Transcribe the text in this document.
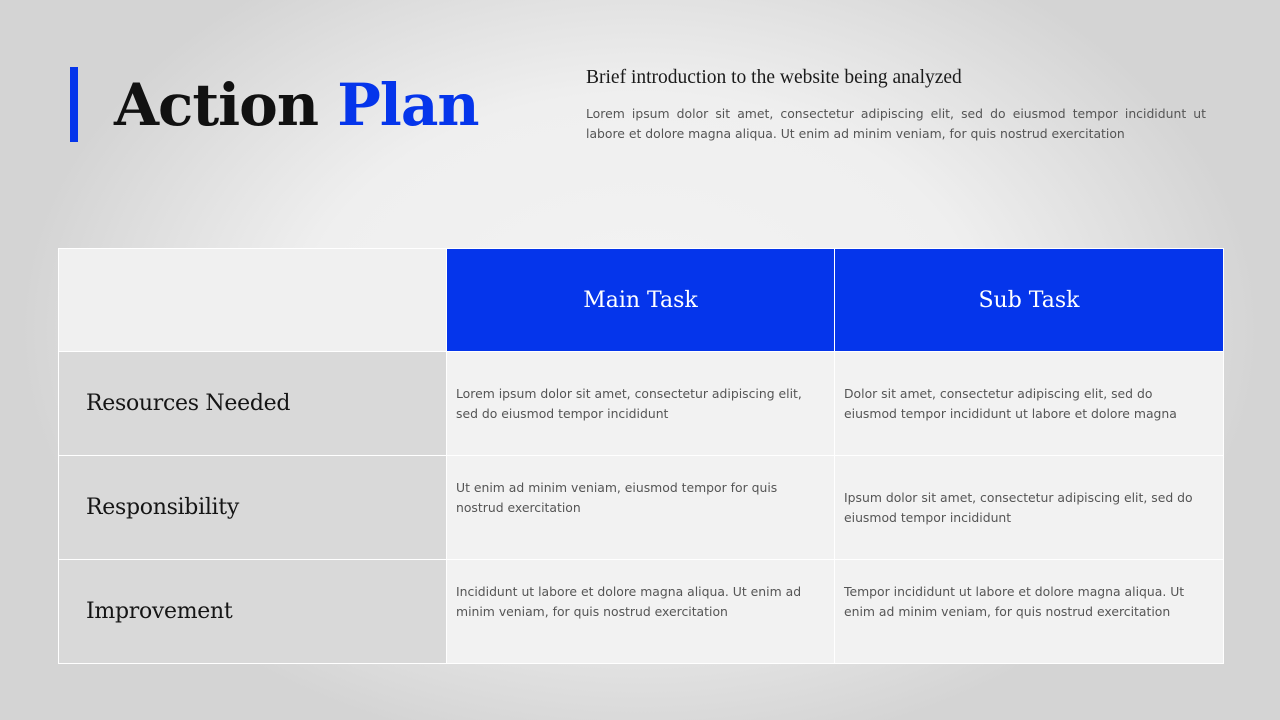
Action Plan	Brief introduction to the website being analyzed

Lorem ipsum dolor sit amet, consectetur adipiscing elit, sed do eiusmod tempor incididunt ut labore et dolore magna aliqua. Ut enim ad minim veniam, for quis nostrud exercitation

	Main Task	Sub Task
Resources Needed	Lorem ipsum dolor sit amet, consectetur adipiscing elit, sed do eiusmod tempor incididunt	Dolor sit amet, consectetur adipiscing elit, sed do eiusmod tempor incididunt ut labore et dolore magna
Responsibility	Ut enim ad minim veniam, eiusmod tempor for quis nostrud exercitation	Ipsum dolor sit amet, consectetur adipiscing elit, sed do eiusmod tempor incididunt
Improvement	Incididunt ut labore et dolore magna aliqua. Ut enim ad minim veniam, for quis nostrud exercitation	Tempor incididunt ut labore et dolore magna aliqua. Ut enim ad minim veniam, for quis nostrud exercitation
